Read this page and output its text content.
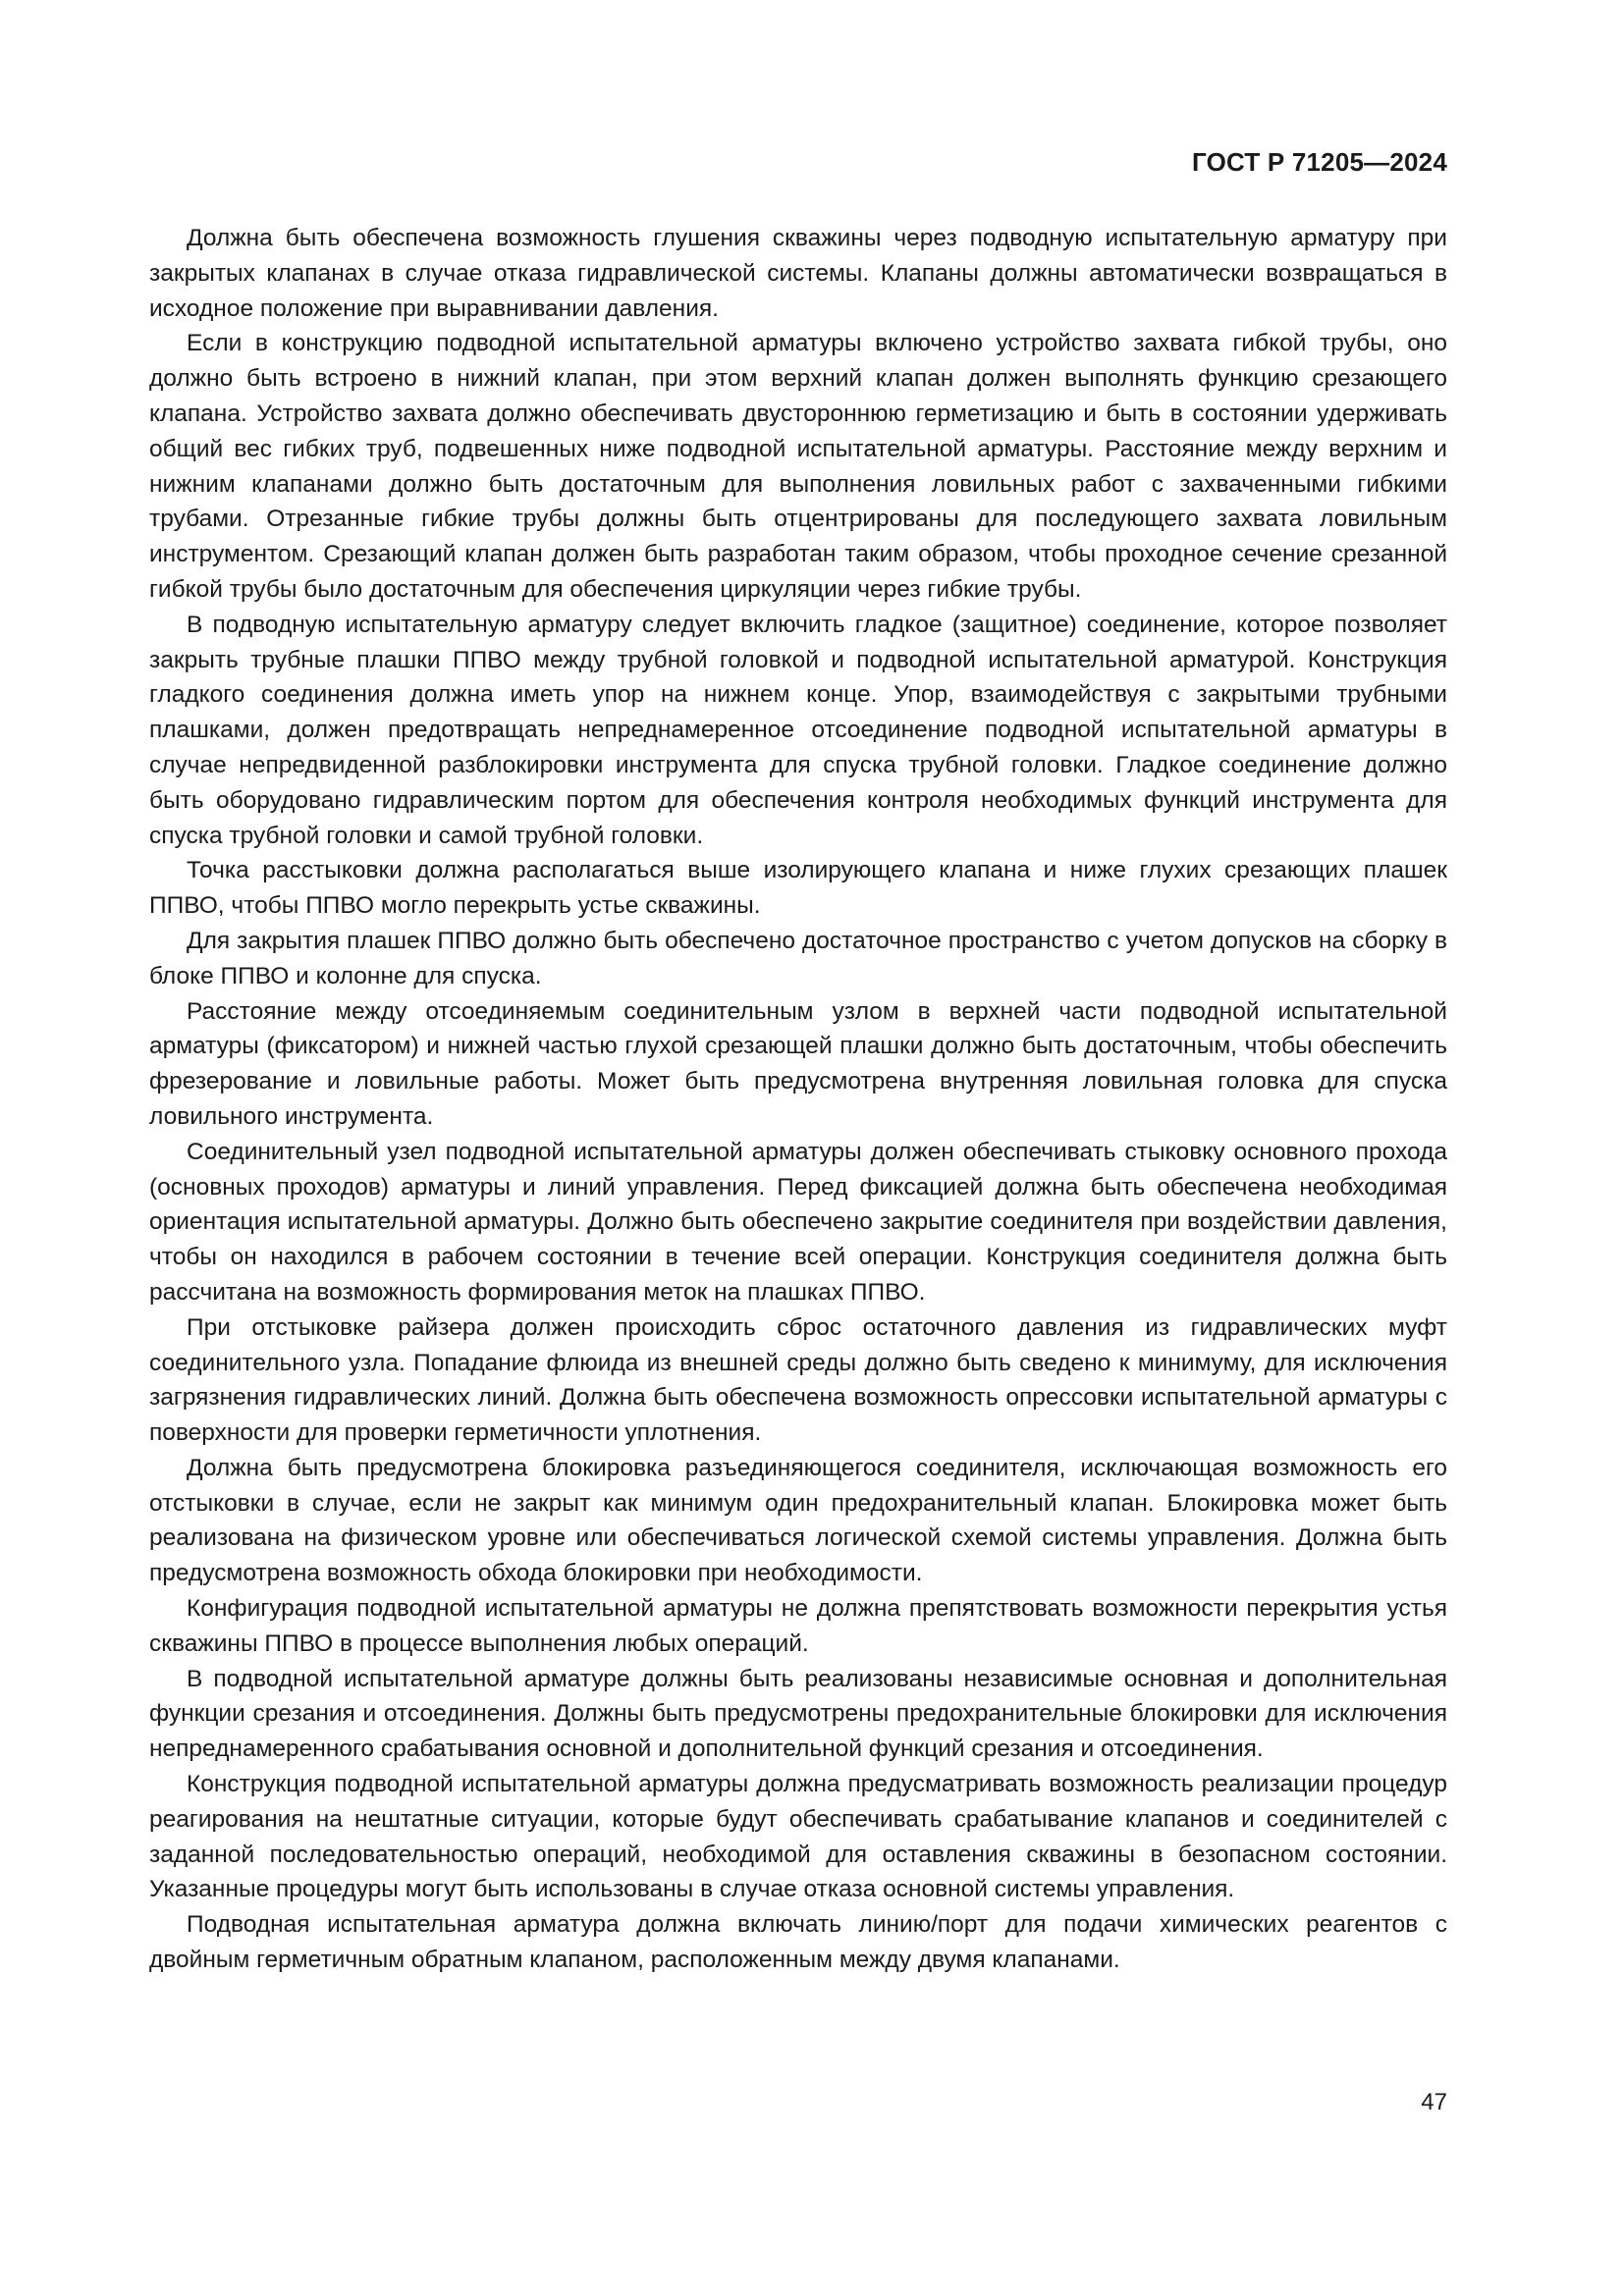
ГОСТ Р 71205—2024

Должна быть обеспечена возможность глушения скважины через подводную испытательную арматуру при закрытых клапанах в случае отказа гидравлической системы. Клапаны должны автоматически возвращаться в исходное положение при выравнивании давления.

Если в конструкцию подводной испытательной арматуры включено устройство захвата гибкой трубы, оно должно быть встроено в нижний клапан, при этом верхний клапан должен выполнять функцию срезающего клапана. Устройство захвата должно обеспечивать двустороннюю герметизацию и быть в состоянии удерживать общий вес гибких труб, подвешенных ниже подводной испытательной арматуры. Расстояние между верхним и нижним клапанами должно быть достаточным для выполнения ловильных работ с захваченными гибкими трубами. Отрезанные гибкие трубы должны быть отцентрированы для последующего захвата ловильным инструментом. Срезающий клапан должен быть разработан таким образом, чтобы проходное сечение срезанной гибкой трубы было достаточным для обеспечения циркуляции через гибкие трубы.

В подводную испытательную арматуру следует включить гладкое (защитное) соединение, которое позволяет закрыть трубные плашки ППВО между трубной головкой и подводной испытательной арматурой. Конструкция гладкого соединения должна иметь упор на нижнем конце. Упор, взаимодействуя с закрытыми трубными плашками, должен предотвращать непреднамеренное отсоединение подводной испытательной арматуры в случае непредвиденной разблокировки инструмента для спуска трубной головки. Гладкое соединение должно быть оборудовано гидравлическим портом для обеспечения контроля необходимых функций инструмента для спуска трубной головки и самой трубной головки.

Точка расстыковки должна располагаться выше изолирующего клапана и ниже глухих срезающих плашек ППВО, чтобы ППВО могло перекрыть устье скважины.

Для закрытия плашек ППВО должно быть обеспечено достаточное пространство с учетом допусков на сборку в блоке ППВО и колонне для спуска.

Расстояние между отсоединяемым соединительным узлом в верхней части подводной испытательной арматуры (фиксатором) и нижней частью глухой срезающей плашки должно быть достаточным, чтобы обеспечить фрезерование и ловильные работы. Может быть предусмотрена внутренняя ловильная головка для спуска ловильного инструмента.

Соединительный узел подводной испытательной арматуры должен обеспечивать стыковку основного прохода (основных проходов) арматуры и линий управления. Перед фиксацией должна быть обеспечена необходимая ориентация испытательной арматуры. Должно быть обеспечено закрытие соединителя при воздействии давления, чтобы он находился в рабочем состоянии в течение всей операции. Конструкция соединителя должна быть рассчитана на возможность формирования меток на плашках ППВО.

При отстыковке райзера должен происходить сброс остаточного давления из гидравлических муфт соединительного узла. Попадание флюида из внешней среды должно быть сведено к минимуму, для исключения загрязнения гидравлических линий. Должна быть обеспечена возможность опрессовки испытательной арматуры с поверхности для проверки герметичности уплотнения.

Должна быть предусмотрена блокировка разъединяющегося соединителя, исключающая возможность его отстыковки в случае, если не закрыт как минимум один предохранительный клапан. Блокировка может быть реализована на физическом уровне или обеспечиваться логической схемой системы управления. Должна быть предусмотрена возможность обхода блокировки при необходимости.

Конфигурация подводной испытательной арматуры не должна препятствовать возможности перекрытия устья скважины ППВО в процессе выполнения любых операций.

В подводной испытательной арматуре должны быть реализованы независимые основная и дополнительная функции срезания и отсоединения. Должны быть предусмотрены предохранительные блокировки для исключения непреднамеренного срабатывания основной и дополнительной функций срезания и отсоединения.

Конструкция подводной испытательной арматуры должна предусматривать возможность реализации процедур реагирования на нештатные ситуации, которые будут обеспечивать срабатывание клапанов и соединителей с заданной последовательностью операций, необходимой для оставления скважины в безопасном состоянии. Указанные процедуры могут быть использованы в случае отказа основной системы управления.

Подводная испытательная арматура должна включать линию/порт для подачи химических реагентов с двойным герметичным обратным клапаном, расположенным между двумя клапанами.

47
